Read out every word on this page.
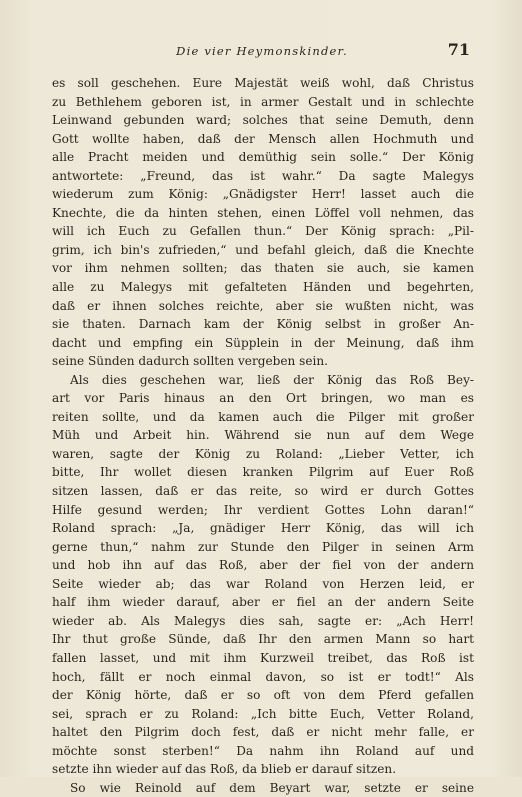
Die vier Heymonskinder.	71
es soll geschehen. Eure Majestät weiß wohl, daß Christus
zu Bethlehem geboren ist, in armer Gestalt und in schlechte
Leinwand gebunden ward; solches that seine Demuth, denn
Gott wollte haben, daß der Mensch allen Hochmuth und
alle Pracht meiden und demüthig sein solle.“ Der König
antwortete: „Freund, das ist wahr.“ Da sagte Malegys
wiederum zum König: „Gnädigster Herr! lasset auch die
Knechte, die da hinten stehen, einen Löffel voll nehmen, das
will ich Euch zu Gefallen thun.“ Der König sprach: „Pil-
grim, ich bin's zufrieden,“ und befahl gleich, daß die Knechte
vor ihm nehmen sollten; das thaten sie auch, sie kamen
alle zu Malegys mit gefalteten Händen und begehrten,
daß er ihnen solches reichte, aber sie wußten nicht, was
sie thaten. Darnach kam der König selbst in großer An-
dacht und empfing ein Süpplein in der Meinung, daß ihm
seine Sünden dadurch sollten vergeben sein.
Als dies geschehen war, ließ der König das Roß Bey-
art vor Paris hinaus an den Ort bringen, wo man es
reiten sollte, und da kamen auch die Pilger mit großer
Müh und Arbeit hin. Während sie nun auf dem Wege
waren, sagte der König zu Roland: „Lieber Vetter, ich
bitte, Ihr wollet diesen kranken Pilgrim auf Euer Roß
sitzen lassen, daß er das reite, so wird er durch Gottes
Hilfe gesund werden; Ihr verdient Gottes Lohn daran!“
Roland sprach: „Ja, gnädiger Herr König, das will ich
gerne thun,“ nahm zur Stunde den Pilger in seinen Arm
und hob ihn auf das Roß, aber der fiel von der andern
Seite wieder ab; das war Roland von Herzen leid, er
half ihm wieder darauf, aber er fiel an der andern Seite
wieder ab. Als Malegys dies sah, sagte er: „Ach Herr!
Ihr thut große Sünde, daß Ihr den armen Mann so hart
fallen lasset, und mit ihm Kurzweil treibet, das Roß ist
hoch, fällt er noch einmal davon, so ist er todt!“ Als
der König hörte, daß er so oft von dem Pferd gefallen
sei, sprach er zu Roland: „Ich bitte Euch, Vetter Roland,
haltet den Pilgrim doch fest, daß er nicht mehr falle, er
möchte sonst sterben!“ Da nahm ihn Roland auf und
setzte ihn wieder auf das Roß, da blieb er darauf sitzen.
So wie Reinold auf dem Beyart war, setzte er seine
